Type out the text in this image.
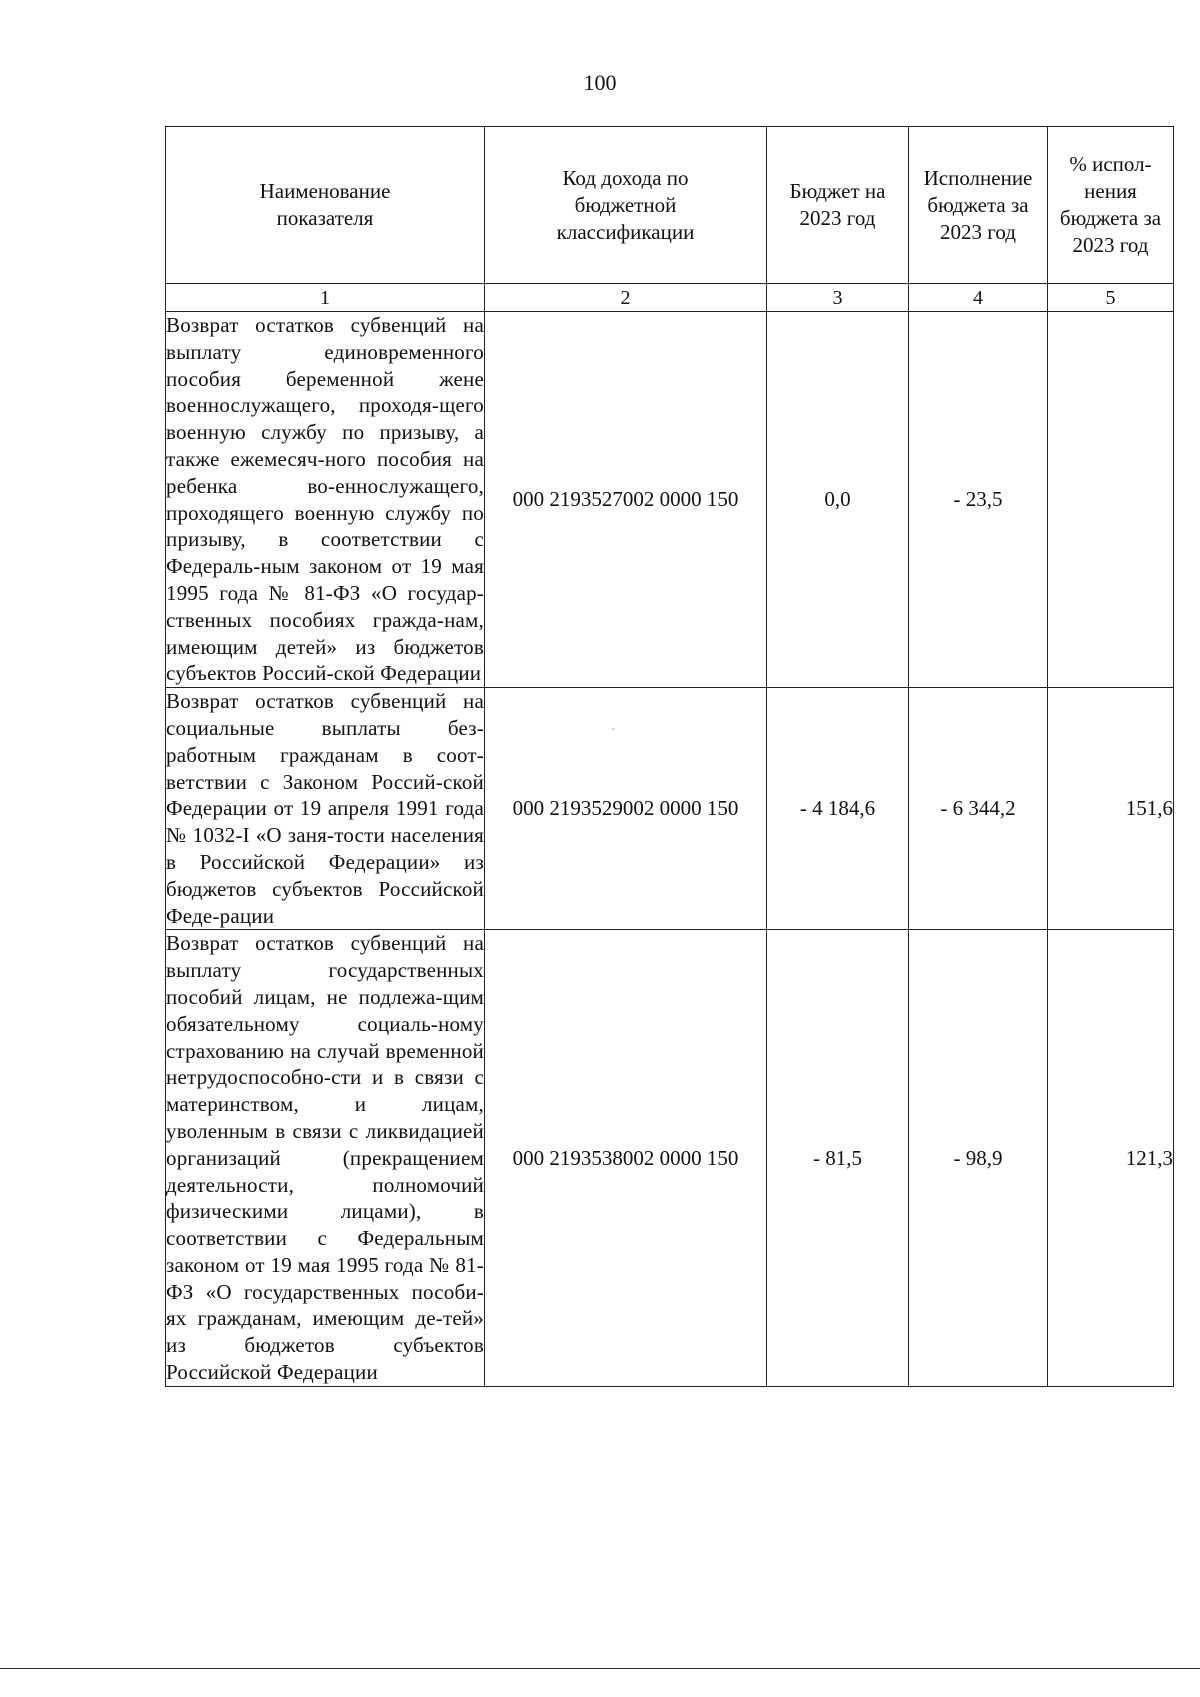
100
Наименование показателя	Код дохода по бюджетной классификации	Бюджет на 2023 год	Исполнение бюджета за 2023 год	% испол-нения бюджета за 2023 год

1	2	3	4	5
Возврат остатков субвенций на выплату единовременного пособия беременной жене военнослужащего, проходя-щего военную службу по призыву, а также ежемесяч-ного пособия на ребенка во-еннослужащего, проходящего военную службу по призыву, в соответствии с Федераль-ным законом от 19 мая 1995 года № 81-ФЗ «О государ-ственных пособиях гражда-нам, имеющим детей» из бюджетов субъектов Россий-ской Федерации	000 2193527002 0000 150	0,0	- 23,5	
Возврат остатков субвенций на социальные выплаты без-работным гражданам в соот-ветствии с Законом Россий-ской Федерации от 19 апреля 1991 года № 1032-I «О заня-тости населения в Российской Федерации» из бюджетов субъектов Российской Феде-рации	000 2193529002 0000 150	- 4 184,6	- 6 344,2	151,6
Возврат остатков субвенций на выплату государственных пособий лицам, не подлежа-щим обязательному социаль-ному страхованию на случай временной нетрудоспособно-сти и в связи с материнством, и лицам, уволенным в связи с ликвидацией организаций (прекращением деятельности, полномочий физическими лицами), в соответствии с Федеральным законом от 19 мая 1995 года № 81-ФЗ «О государственных пособи-ях гражданам, имеющим де-тей» из бюджетов субъектов Российской Федерации	000 2193538002 0000 150	- 81,5	- 98,9	121,3
